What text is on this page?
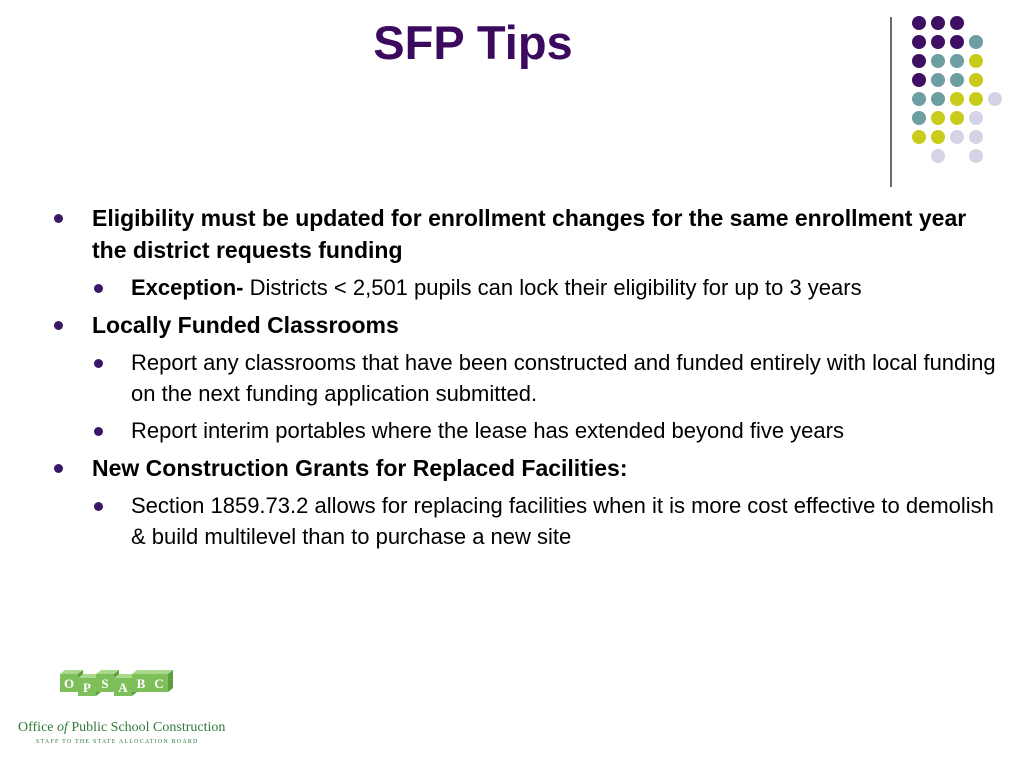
SFP Tips
Eligibility must be updated for enrollment changes for the same enrollment year the district requests funding
Exception- Districts < 2,501 pupils can lock their eligibility for up to 3 years
Locally Funded Classrooms
Report any classrooms that have been constructed and funded entirely with local funding on the next funding application submitted.
Report interim portables where the lease has extended beyond five years
New Construction Grants for Replaced Facilities:
Section 1859.73.2 allows for replacing facilities when it is more cost effective to demolish & build multilevel than to purchase a new site
O P S A B C
Office of Public School Construction
STAFF TO THE STATE ALLOCATION BOARD
